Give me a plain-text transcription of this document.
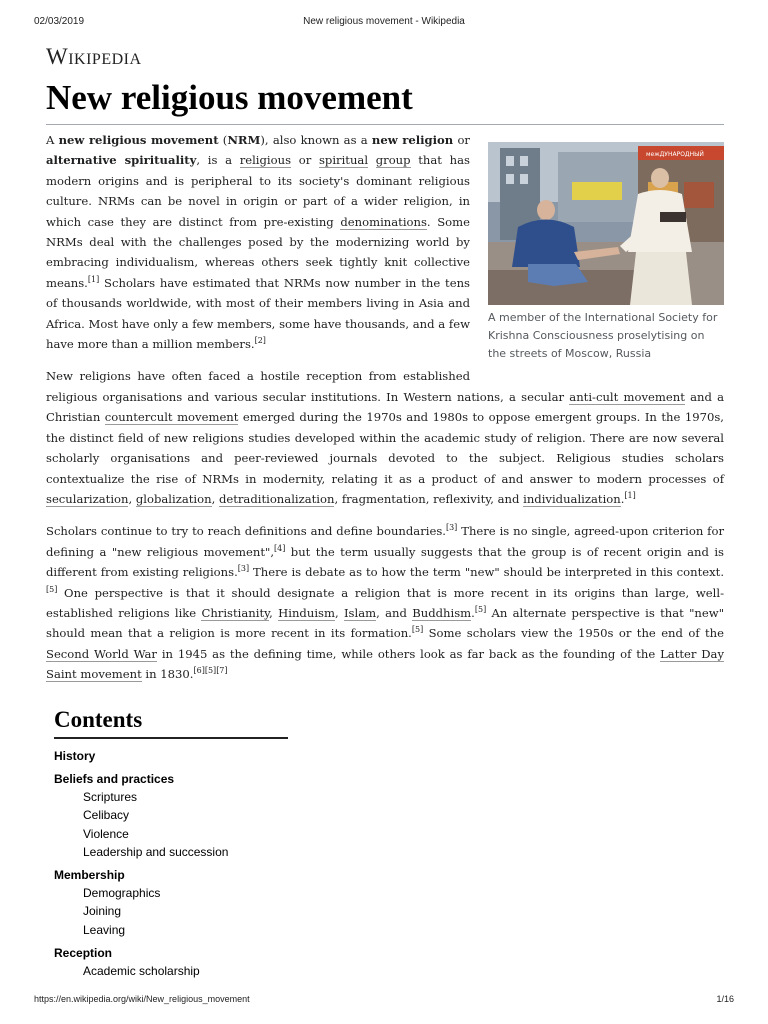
02/03/2019	New religious movement - Wikipedia
Wikipedia
New religious movement
межДУНАРОДНЫЙ
A member of the International Society for Krishna Consciousness proselytising on the streets of Moscow, Russia

A new religious movement (NRM), also known as a new religion or alternative spirituality, is a religious or spiritual group that has modern origins and is peripheral to its society's dominant religious culture. NRMs can be novel in origin or part of a wider religion, in which case they are distinct from pre-existing denominations. Some NRMs deal with the challenges posed by the modernizing world by embracing individualism, whereas others seek tightly knit collective means.[1] Scholars have estimated that NRMs now number in the tens of thousands worldwide, with most of their members living in Asia and Africa. Most have only a few members, some have thousands, and a few have more than a million members.[2]

New religions have often faced a hostile reception from established religious organisations and various secular institutions. In Western nations, a secular anti-cult movement and a Christian countercult movement emerged during the 1970s and 1980s to oppose emergent groups. In the 1970s, the distinct field of new religions studies developed within the academic study of religion. There are now several scholarly organisations and peer-reviewed journals devoted to the subject. Religious studies scholars contextualize the rise of NRMs in modernity, relating it as a product of and answer to modern processes of secularization, globalization, detraditionalization, fragmentation, reflexivity, and individualization.[1]

Scholars continue to try to reach definitions and define boundaries.[3] There is no single, agreed-upon criterion for defining a "new religious movement",[4] but the term usually suggests that the group is of recent origin and is different from existing religions.[3] There is debate as to how the term "new" should be interpreted in this context.[5] One perspective is that it should designate a religion that is more recent in its origins than large, well-established religions like Christianity, Hinduism, Islam, and Buddhism.[5] An alternate perspective is that "new" should mean that a religion is more recent in its formation.[5] Some scholars view the 1950s or the end of the Second World War in 1945 as the defining time, while others look as far back as the founding of the Latter Day Saint movement in 1830.[6][5][7]

Contents
History
Beliefs and practices
Scriptures
Celibacy
Violence
Leadership and succession
Membership
Demographics
Joining
Leaving
Reception
Academic scholarship
https://en.wikipedia.org/wiki/New_religious_movement	1/16
